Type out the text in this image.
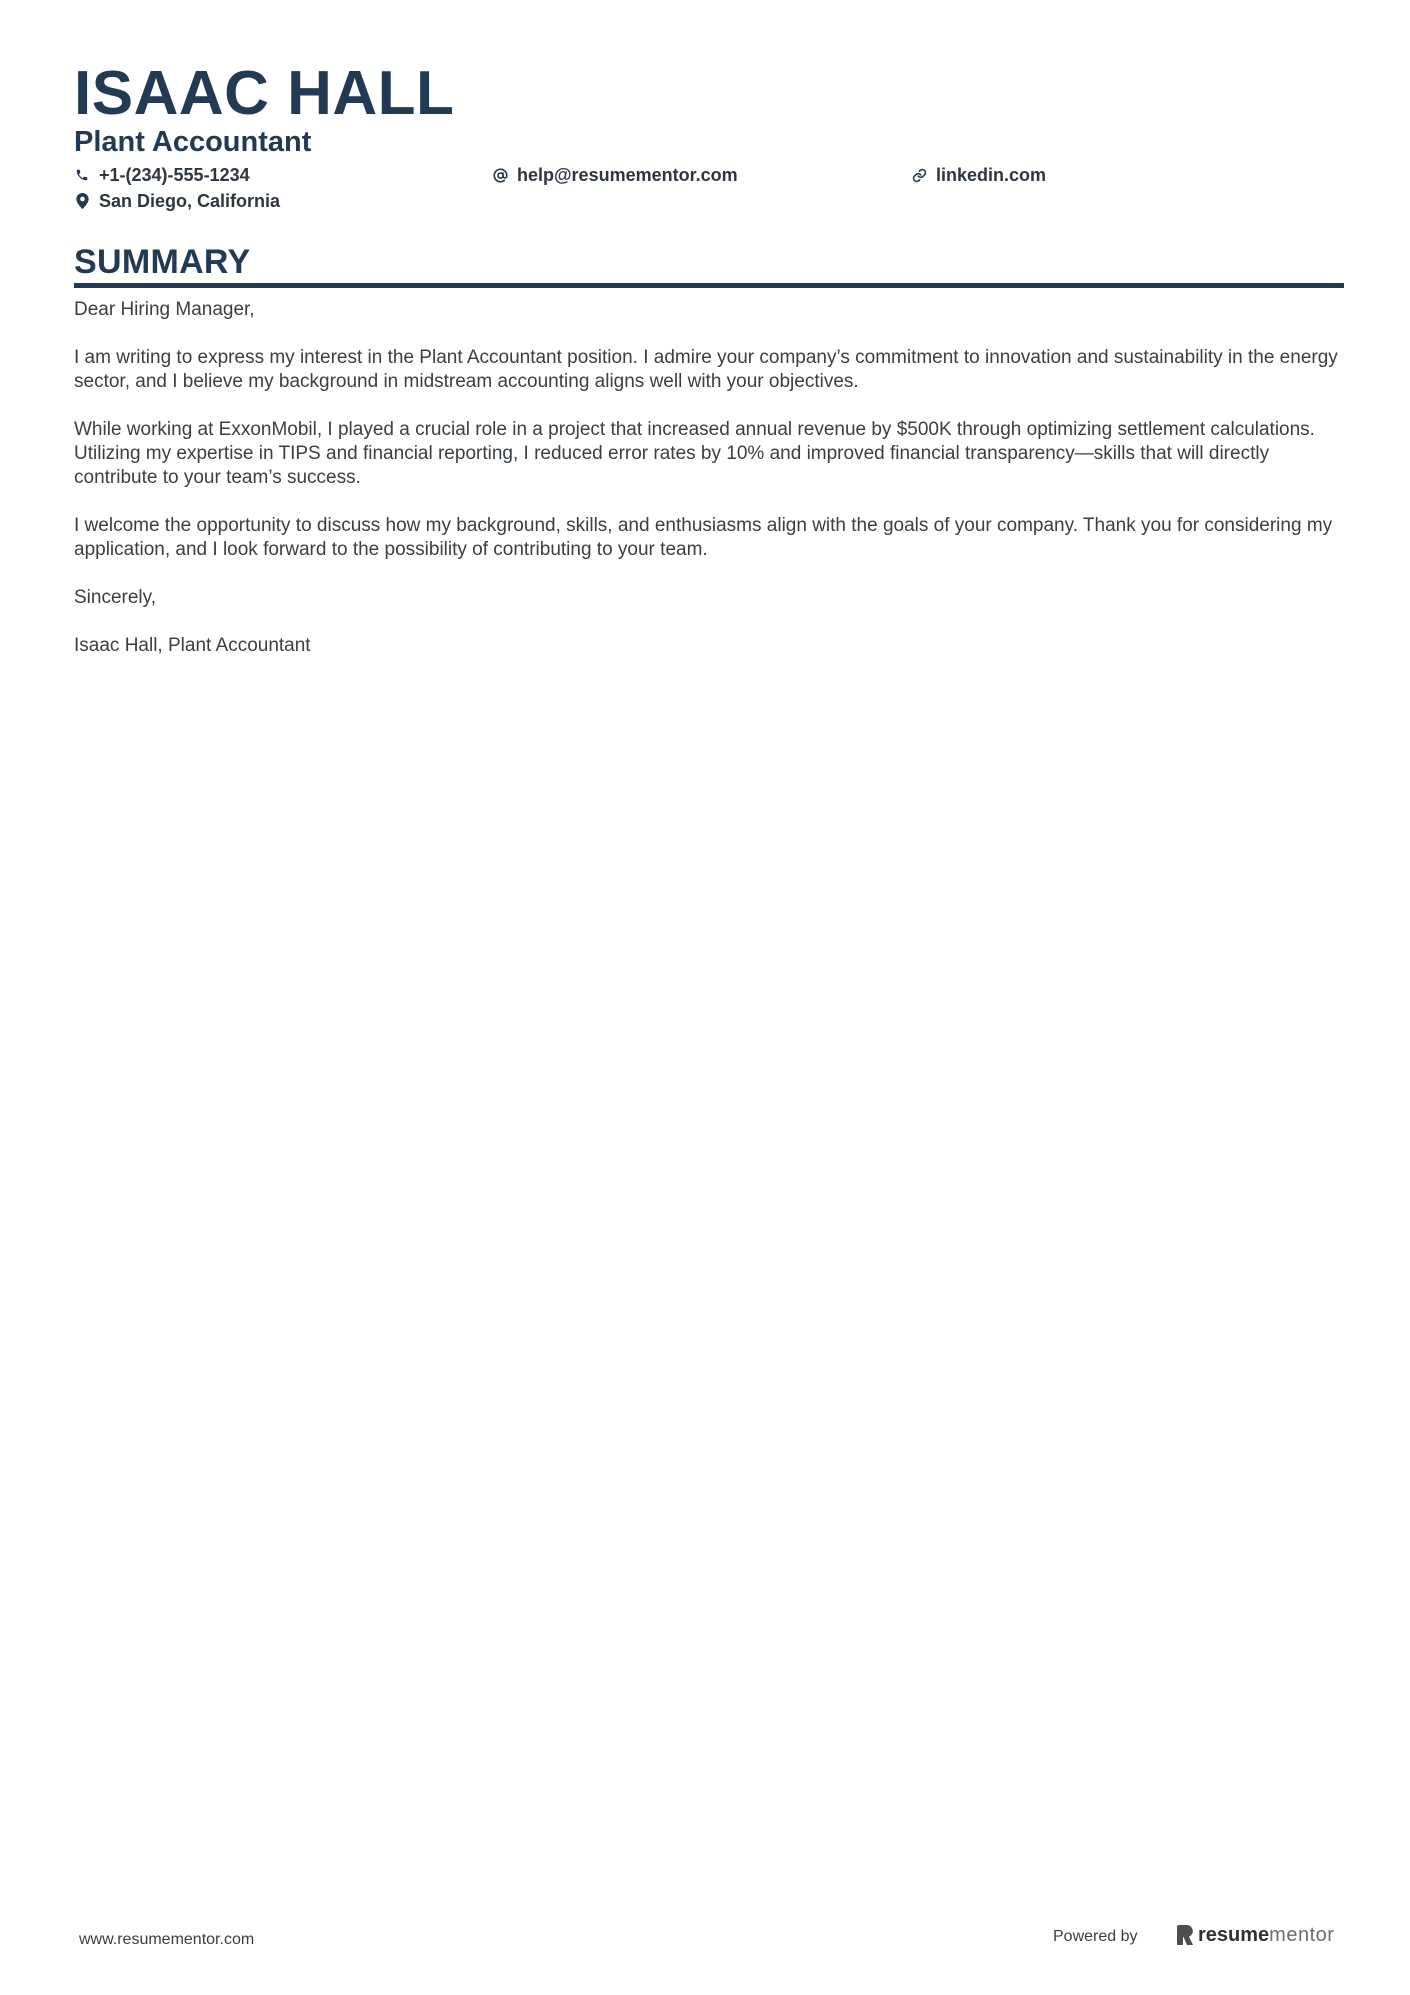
ISAAC HALL
Plant Accountant
+1-(234)-555-1234	help@resumementor.com	linkedin.com
San Diego, California
SUMMARY

Dear Hiring Manager,

I am writing to express my interest in the Plant Accountant position. I admire your company’s commitment to innovation and sustainability in the energy sector, and I believe my background in midstream accounting aligns well with your objectives.

While working at ExxonMobil, I played a crucial role in a project that increased annual revenue by $500K through optimizing settlement calculations. Utilizing my expertise in TIPS and financial reporting, I reduced error rates by 10% and improved financial transparency—skills that will directly contribute to your team’s success.

I welcome the opportunity to discuss how my background, skills, and enthusiasms align with the goals of your company. Thank you for considering my application, and I look forward to the possibility of contributing to your team.

Sincerely,

Isaac Hall, Plant Accountant

www.resumementor.com	Powered by	resume mentor
